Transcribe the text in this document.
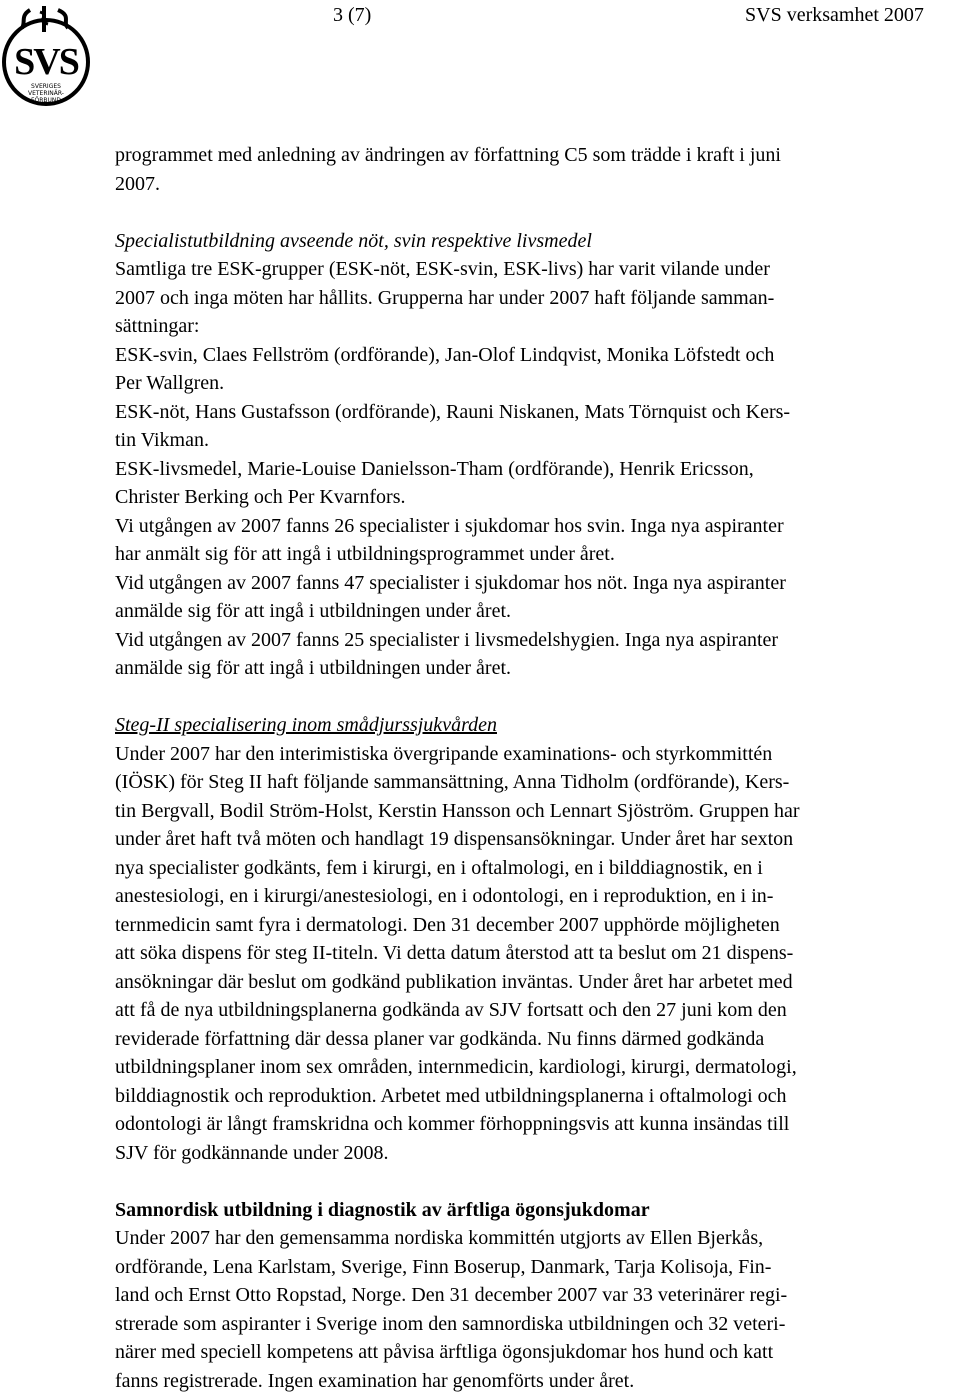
SVS
SVERIGES
VETERINÄR-
FÖRBUND
3 (7)	SVS verksamhet 2007
programmet med anledning av ändringen av författning C5 som trädde i kraft i juni
2007.
Specialistutbildning avseende nöt, svin respektive livsmedel
Samtliga tre ESK-grupper (ESK-nöt, ESK-svin, ESK-livs) har varit vilande under
2007 och inga möten har hållits. Grupperna har under 2007 haft följande samman-
sättningar:
ESK-svin, Claes Fellström (ordförande), Jan-Olof Lindqvist, Monika Löfstedt och
Per Wallgren.
ESK-nöt, Hans Gustafsson (ordförande), Rauni Niskanen, Mats Törnquist och Kers-
tin Vikman.
ESK-livsmedel, Marie-Louise Danielsson-Tham (ordförande), Henrik Ericsson,
Christer Berking och Per Kvarnfors.
Vi utgången av 2007 fanns 26 specialister i sjukdomar hos svin. Inga nya aspiranter
har anmält sig för att ingå i utbildningsprogrammet under året.
Vid utgången av 2007 fanns 47 specialister i sjukdomar hos nöt. Inga nya aspiranter
anmälde sig för att ingå i utbildningen under året.
Vid utgången av 2007 fanns 25 specialister i livsmedelshygien. Inga nya aspiranter
anmälde sig för att ingå i utbildningen under året.
Steg-II specialisering inom smådjurssjukvården
Under 2007 har den interimistiska övergripande examinations- och styrkommittén
(IÖSK) för Steg II haft följande sammansättning, Anna Tidholm (ordförande), Kers-
tin Bergvall, Bodil Ström-Holst, Kerstin Hansson och Lennart Sjöström. Gruppen har
under året haft två möten och handlagt 19 dispensansökningar. Under året har sexton
nya specialister godkänts, fem i kirurgi, en i oftalmologi, en i bilddiagnostik, en i
anestesiologi, en i kirurgi/anestesiologi, en i odontologi, en i reproduktion, en i in-
ternmedicin samt fyra i dermatologi. Den 31 december 2007 upphörde möjligheten
att söka dispens för steg II-titeln. Vi detta datum återstod att ta beslut om 21 dispens-
ansökningar där beslut om godkänd publikation inväntas. Under året har arbetet med
att få de nya utbildningsplanerna godkända av SJV fortsatt och den 27 juni kom den
reviderade författning där dessa planer var godkända. Nu finns därmed godkända
utbildningsplaner inom sex områden, internmedicin, kardiologi, kirurgi, dermatologi,
bilddiagnostik och reproduktion. Arbetet med utbildningsplanerna i oftalmologi och
odontologi är långt framskridna och kommer förhoppningsvis att kunna insändas till
SJV för godkännande under 2008.
Samnordisk utbildning i diagnostik av ärftliga ögonsjukdomar
Under 2007 har den gemensamma nordiska kommittén utgjorts av Ellen Bjerkås,
ordförande, Lena Karlstam, Sverige, Finn Boserup, Danmark, Tarja Kolisoja, Fin-
land och Ernst Otto Ropstad, Norge. Den 31 december 2007 var 33 veterinärer regi-
strerade som aspiranter i Sverige inom den samnordiska utbildningen och 32 veteri-
närer med speciell kompetens att påvisa ärftliga ögonsjukdomar hos hund och katt
fanns registrerade. Ingen examination har genomförts under året.
